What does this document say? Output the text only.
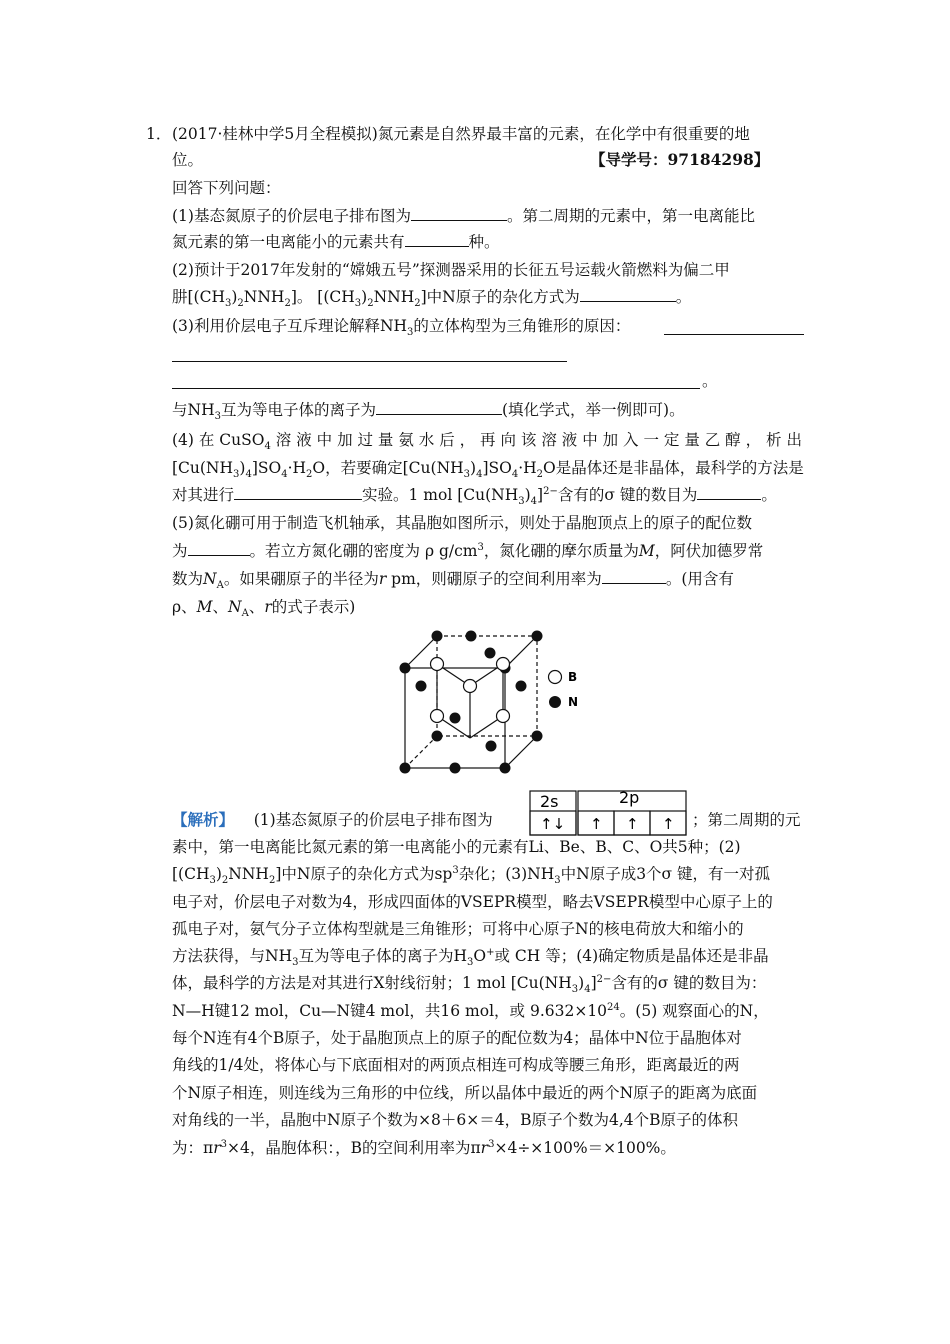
1． (2017·桂林中学5月全程模拟)氮元素是自然界最丰富的元素，在化学中有很重要的地
位。	【导学号：97184298】
回答下列问题：
(1)基态氮原子的价层电子排布图为	。第二周期的元素中，第一电离能比
氮元素的第一电离能小的元素共有	种。
(2)预计于2017年发射的“嫦娥五号”探测器采用的长征五号运载火箭燃料为偏二甲
肼$[(CH_3)_2NNH_2]$。 $[(CH_3)_2NNH_2]$中N原子的杂化方式为	。
(3)利用价层电子互斥理论解释$NH_3$的立体构型为三角锥形的原因：
。
与$NH_3$互为等电子体的离子为	(填化学式，举一例即可)。
(4) 在 CuSO$_4$ 溶 液 中 加 过 量 氨 水 后 ， 再 向 该 溶 液 中 加 入 一 定 量 乙 醇 ， 析 出
$[Cu(NH_3)_4]SO_4\cdot H_2O$，若要确定$[Cu(NH_3)_4]SO_4\cdot H_2O$是晶体还是非晶体，最科学的方法是
对其进行	实验。1 mol $[Cu(NH_3)_4]^{2-}$含有的σ 键的数目为	。
(5)氮化硼可用于制造飞机轴承，其晶胞如图所示，则处于晶胞顶点上的原子的配位数
为	。若立方氮化硼的密度为 ρ $g/cm^3$，氮化硼的摩尔质量为M，阿伏加德罗常
数为$N_A$。如果硼原子的半径为r pm，则硼原子的空间利用率为	。(用含有
ρ、M、$N_A$、r的式子表示)
B
N
【解析】 (1)基态氮原子的价层电子排布图为
2s	2p
↑↓ ↑ ↑ ↑ ；第二周期的元
素中，第一电离能比氮元素的第一电离能小的元素有Li、Be、B、C、O共5种；(2)
$[(CH_3)_2NNH_2]$中N原子的杂化方式为$sp^3$杂化；$(3)NH_3$中N原子成3个σ 键，有一对孤
电子对，价层电子对数为4，形成四面体的VSEPR模型，略去VSEPR模型中心原子上的
孤电子对，氨气分子立体构型就是三角锥形；可将中心原子N的核电荷放大和缩小的
方法获得，与$NH_3$互为等电子体的离子为$H_3O^+$或 CH 等；(4)确定物质是晶体还是非晶
体，最科学的方法是对其进行X射线衍射；1 mol $[Cu(NH_3)_4]^{2-}$含有的σ 键的数目为：
N—H键12 mol，Cu—N键4 mol，共16 mol，或 $9.632\times 10^{24}$。(5) 观察面心的N，
每个N连有4个B原子，处于晶胞顶点上的原子的配位数为4；晶体中N位于晶胞体对
角线的1/4处，将体心与下底面相对的两顶点相连可构成等腰三角形，距离最近的两
个N原子相连，则连线为三角形的中位线，所以晶体中最近的两个N原子的距离为底面
对角线的一半，晶胞中N原子个数为×8＋6×＝4，B原子个数为4,4个B原子的体积
为：$\pi r^3\times 4$，晶胞体积：，B的空间利用率为$\pi r^3\times 4\div\times 100\%=\times 100\%$。
